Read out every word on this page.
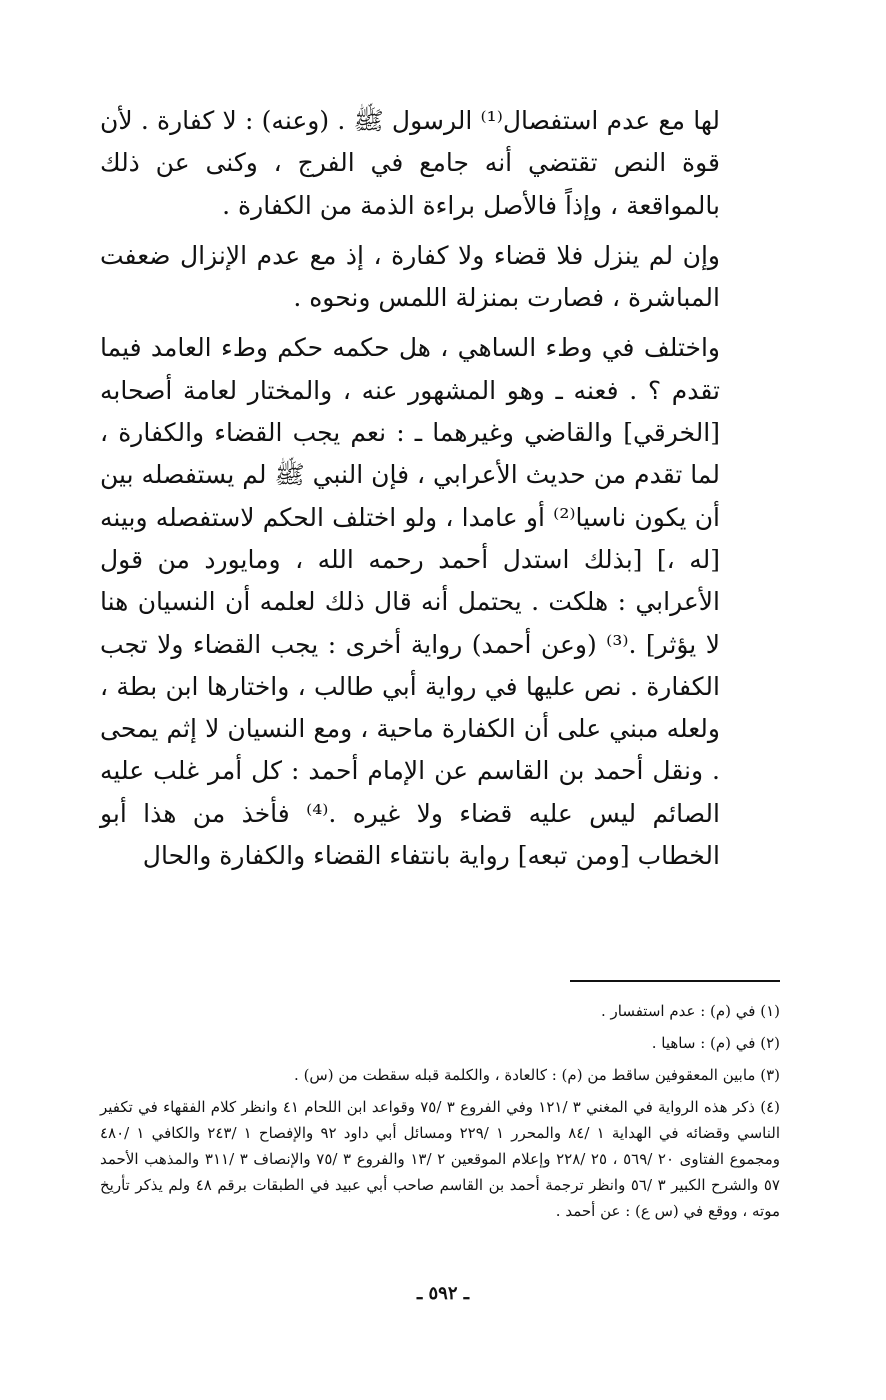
لها مع عدم استفصال⁽¹⁾ الرسول ﷺ . (وعنه) : لا كفارة . لأن قوة النص تقتضي أنه جامع في الفرج ، وكنى عن ذلك بالمواقعة ، وإذاً فالأصل براءة الذمة من الكفارة .

وإن لم ينزل فلا قضاء ولا كفارة ، إذ مع عدم الإنزال ضعفت المباشرة ، فصارت بمنزلة اللمس ونحوه .

واختلف في وطء الساهي ، هل حكمه حكم وطء العامد فيما تقدم ؟ . فعنه ـ وهو المشهور عنه ، والمختار لعامة أصحابه [الخرقي] والقاضي وغيرهما ـ : نعم يجب القضاء والكفارة ، لما تقدم من حديث الأعرابي ، فإن النبي ﷺ لم يستفصله بين أن يكون ناسيا⁽²⁾ أو عامدا ، ولو اختلف الحكم لاستفصله وبينه [له ،] [بذلك استدل أحمد رحمه الله ، ومايورد من قول الأعرابي : هلكت . يحتمل أنه قال ذلك لعلمه أن النسيان هنا لا يؤثر] .⁽³⁾ (وعن أحمد) رواية أخرى : يجب القضاء ولا تجب الكفارة . نص عليها في رواية أبي طالب ، واختارها ابن بطة ، ولعله مبني على أن الكفارة ماحية ، ومع النسيان لا إثم يمحى . ونقل أحمد بن القاسم عن الإمام أحمد : كل أمر غلب عليه الصائم ليس عليه قضاء ولا غيره .⁽⁴⁾ فأخذ من هذا أبو الخطاب [ومن تبعه] رواية بانتفاء القضاء والكفارة والحال

(١) في (م) : عدم استفسار .

(٢) في (م) : ساهيا .

(٣) مابين المعقوفين ساقط من (م) : كالعادة ، والكلمة قبله سقطت من (س) .

(٤) ذكر هذه الرواية في المغني ٣ /١٢١ وفي الفروع ٣ /٧٥ وقواعد ابن اللحام ٤١ وانظر كلام الفقهاء في تكفير الناسي وقضائه في الهداية ١ /٨٤ والمحرر ١ /٢٢٩ ومسائل أبي داود ٩٢ والإفصاح ١ /٢٤٣ والكافي ١ /٤٨٠ ومجموع الفتاوى ٢٠ /٥٦٩ ، ٢٥ /٢٢٨ وإعلام الموقعين ٢ /١٣ والفروع ٣ /٧٥ والإنصاف ٣ /٣١١ والمذهب الأحمد ٥٧ والشرح الكبير ٣ /٥٦ وانظر ترجمة أحمد بن القاسم صاحب أبي عبيد في الطبقات برقم ٤٨ ولم يذكر تأريخ موته ، ووقع في (س ع) : عن أحمد .

ـ ٥٩٢ ـ
